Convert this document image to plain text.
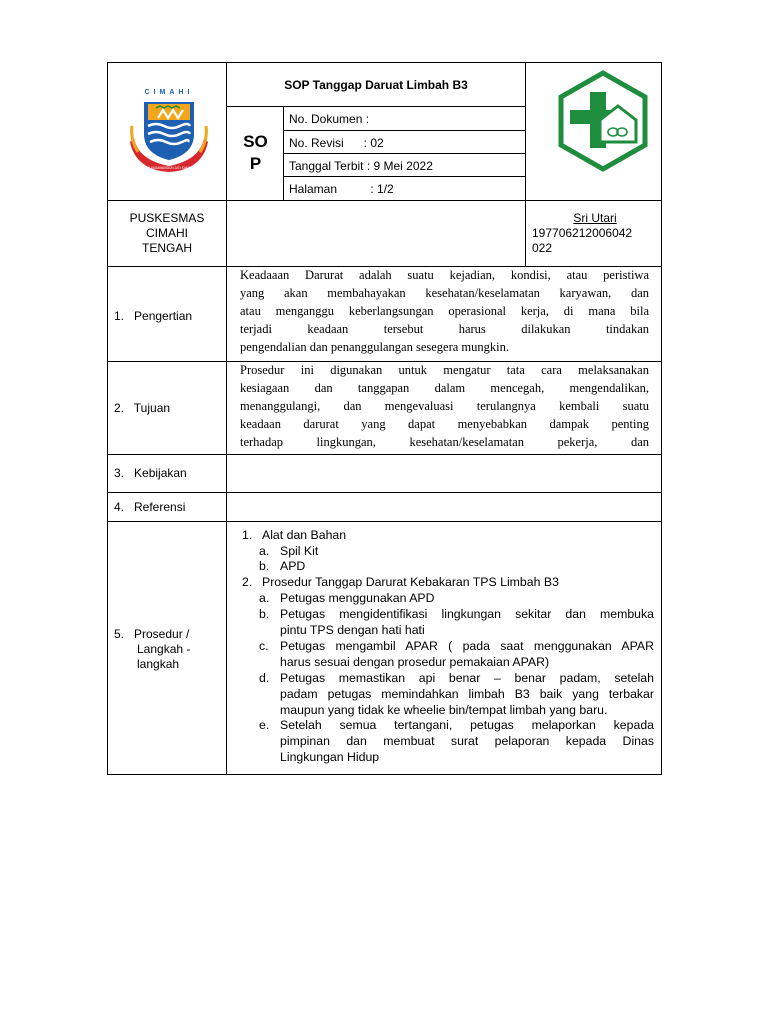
CIMAHI
SALUYU NGAWANGUN JATI KAMAJUAN
SOP Tanggap Daruat Limbah B3
SO
P
No. Dokumen :
No. Revisi      : 02
Tanggal Terbit : 9 Mei 2022
Halaman          : 1/2
PUSKESMAS
CIMAHI
TENGAH
Sri Utari
197706212006042
022
1.   Pengertian
2.   Tujuan
3.   Kebijakan
4.   Referensi
5.   Prosedur /
Langkah -
langkah
Keadaaan Darurat adalah suatu kejadian, kondisi, atau peristiwa
yang akan membahayakan kesehatan/keselamatan karyawan, dan
atau menganggu keberlangsungan operasional kerja, di mana bila
terjadi keadaan tersebut harus dilakukan tindakan
pengendalian dan penanggulangan sesegera mungkin.
Prosedur ini digunakan untuk mengatur tata cara melaksanakan
kesiagaan dan tanggapan dalam mencegah, mengendalikan,
menanggulangi, dan mengevaluasi terulangnya kembali suatu
keadaan darurat yang dapat menyebabkan dampak penting
terhadap lingkungan, kesehatan/keselamatan pekerja, dan
1. Alat dan Bahan
a. Spil Kit
b. APD
2. Prosedur Tanggap Darurat Kebakaran TPS Limbah B3
a. Petugas menggunakan APD
b. Petugas mengidentifikasi lingkungan sekitar dan membuka
pintu TPS dengan hati hati
c. Petugas mengambil APAR ( pada saat menggunakan APAR
harus sesuai dengan prosedur pemakaian APAR)
d. Petugas memastikan api benar – benar padam, setelah
padam petugas memindahkan limbah B3 baik yang terbakar
maupun yang tidak ke wheelie bin/tempat limbah yang baru.
e. Setelah semua tertangani, petugas melaporkan kepada
pimpinan dan membuat surat pelaporan kepada Dinas
Lingkungan Hidup
